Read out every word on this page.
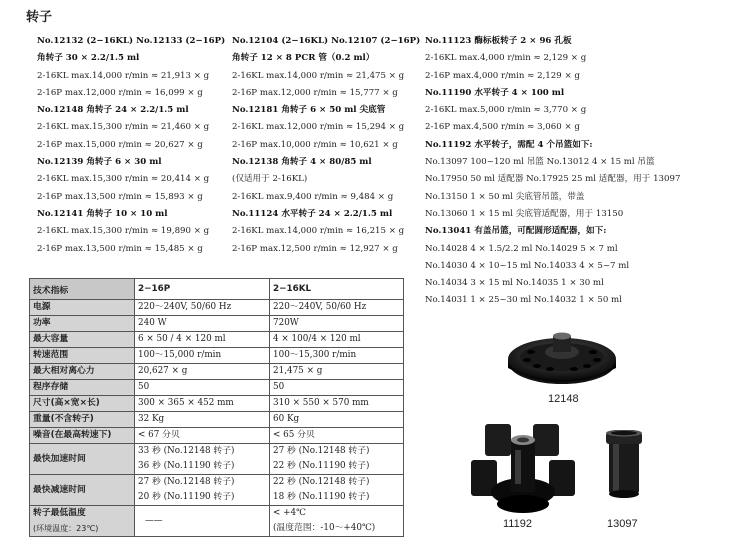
转子
No.12132 (2−16KL) No.12133 (2−16P)
角转子 30 × 2.2/1.5 ml
2-16KL max.14,000 r/min ≈ 21,913 × g
2-16P max.12,000 r/min ≈ 16,099 × g
No.12148 角转子 24 × 2.2/1.5 ml
2-16KL max.15,300 r/min ≈ 21,460 × g
2-16P max.15,000 r/min ≈ 20,627 × g
No.12139 角转子 6 × 30 ml
2-16KL max.15,300 r/min ≈ 20,414 × g
2-16P max.13,500 r/min ≈ 15,893 × g
No.12141 角转子 10 × 10 ml
2-16KL max.15,300 r/min ≈ 19,890 × g
2-16P max.13,500 r/min ≈ 15,485 × g
No.12104 (2−16KL) No.12107 (2−16P)
角转子 12 × 8 PCR 管（0.2 ml）
2-16KL max.14,000 r/min ≈ 21,475 × g
2-16P max.12,000 r/min ≈ 15,777 × g
No.12181 角转子 6 × 50 ml 尖底管
2-16KL max.12,000 r/min ≈ 15,294 × g
2-16P max.10,000 r/min ≈ 10,621 × g
No.12138 角转子 4 × 80/85 ml
(仅适用于 2-16KL)
2-16KL max.9,400 r/min ≈ 9,484 × g
No.11124 水平转子 24 × 2.2/1.5 ml
2-16KL max.14,000 r/min ≈ 16,215 × g
2-16P max.12,500 r/min ≈ 12,927 × g
No.11123 酶标板转子 2 × 96 孔板
2-16KL max.4,000 r/min ≈ 2,129 × g
2-16P max.4,000 r/min ≈ 2,129 × g
No.11190 水平转子 4 × 100 ml
2-16KL max.5,000 r/min ≈ 3,770 × g
2-16P max.4,500 r/min ≈ 3,060 × g
No.11192 水平转子，需配 4 个吊篮如下:
No.13097 100~120 ml 吊篮 No.13012 4 × 15 ml 吊篮
No.17950 50 ml 适配器 No.17925 25 ml 适配器，用于 13097
No.13150 1 × 50 ml 尖底管吊篮，带盖
No.13060 1 × 15 ml 尖底管适配器，用于 13150
No.13041 有盖吊篮，可配圆形适配器，如下:
No.14028 4 × 1.5/2.2 ml No.14029 5 × 7 ml
No.14030 4 × 10~15 ml No.14033 4 × 5~7 ml
No.14034 3 × 15 ml No.14035 1 × 30 ml
No.14031 1 × 25~30 ml No.14032 1 × 50 ml
技术指标	2−16P	2−16KL

电源	220～240V, 50/60 Hz	220～240V, 50/60 Hz

功率	240 W	720W

最大容量	6 × 50 / 4 × 120 ml	4 × 100/4 × 120 ml

转速范围	100～15,000 r/min	100～15,300 r/min

最大相对离心力	20,627 × g	21,475 × g

程序存储	50	50

尺寸(高×宽×长)	300 × 365 × 452 mm	310 × 550 × 570 mm

重量(不含转子)	32 Kg	60 Kg

噪音(在最高转速下)	< 67 分贝	< 65 分贝

最快加速时间	33 秒 (No.12148 转子)
36 秒 (No.11190 转子)	27 秒 (No.12148 转子)
22 秒 (No.11190 转子)

最快减速时间	27 秒 (No.12148 转子)
20 秒 (No.11190 转子)	22 秒 (No.12148 转子)
18 秒 (No.11190 转子)

转子最低温度
(环境温度：23℃)	——	< +4℃
(温度范围：-10～+40℃)
12148
11192	13097
